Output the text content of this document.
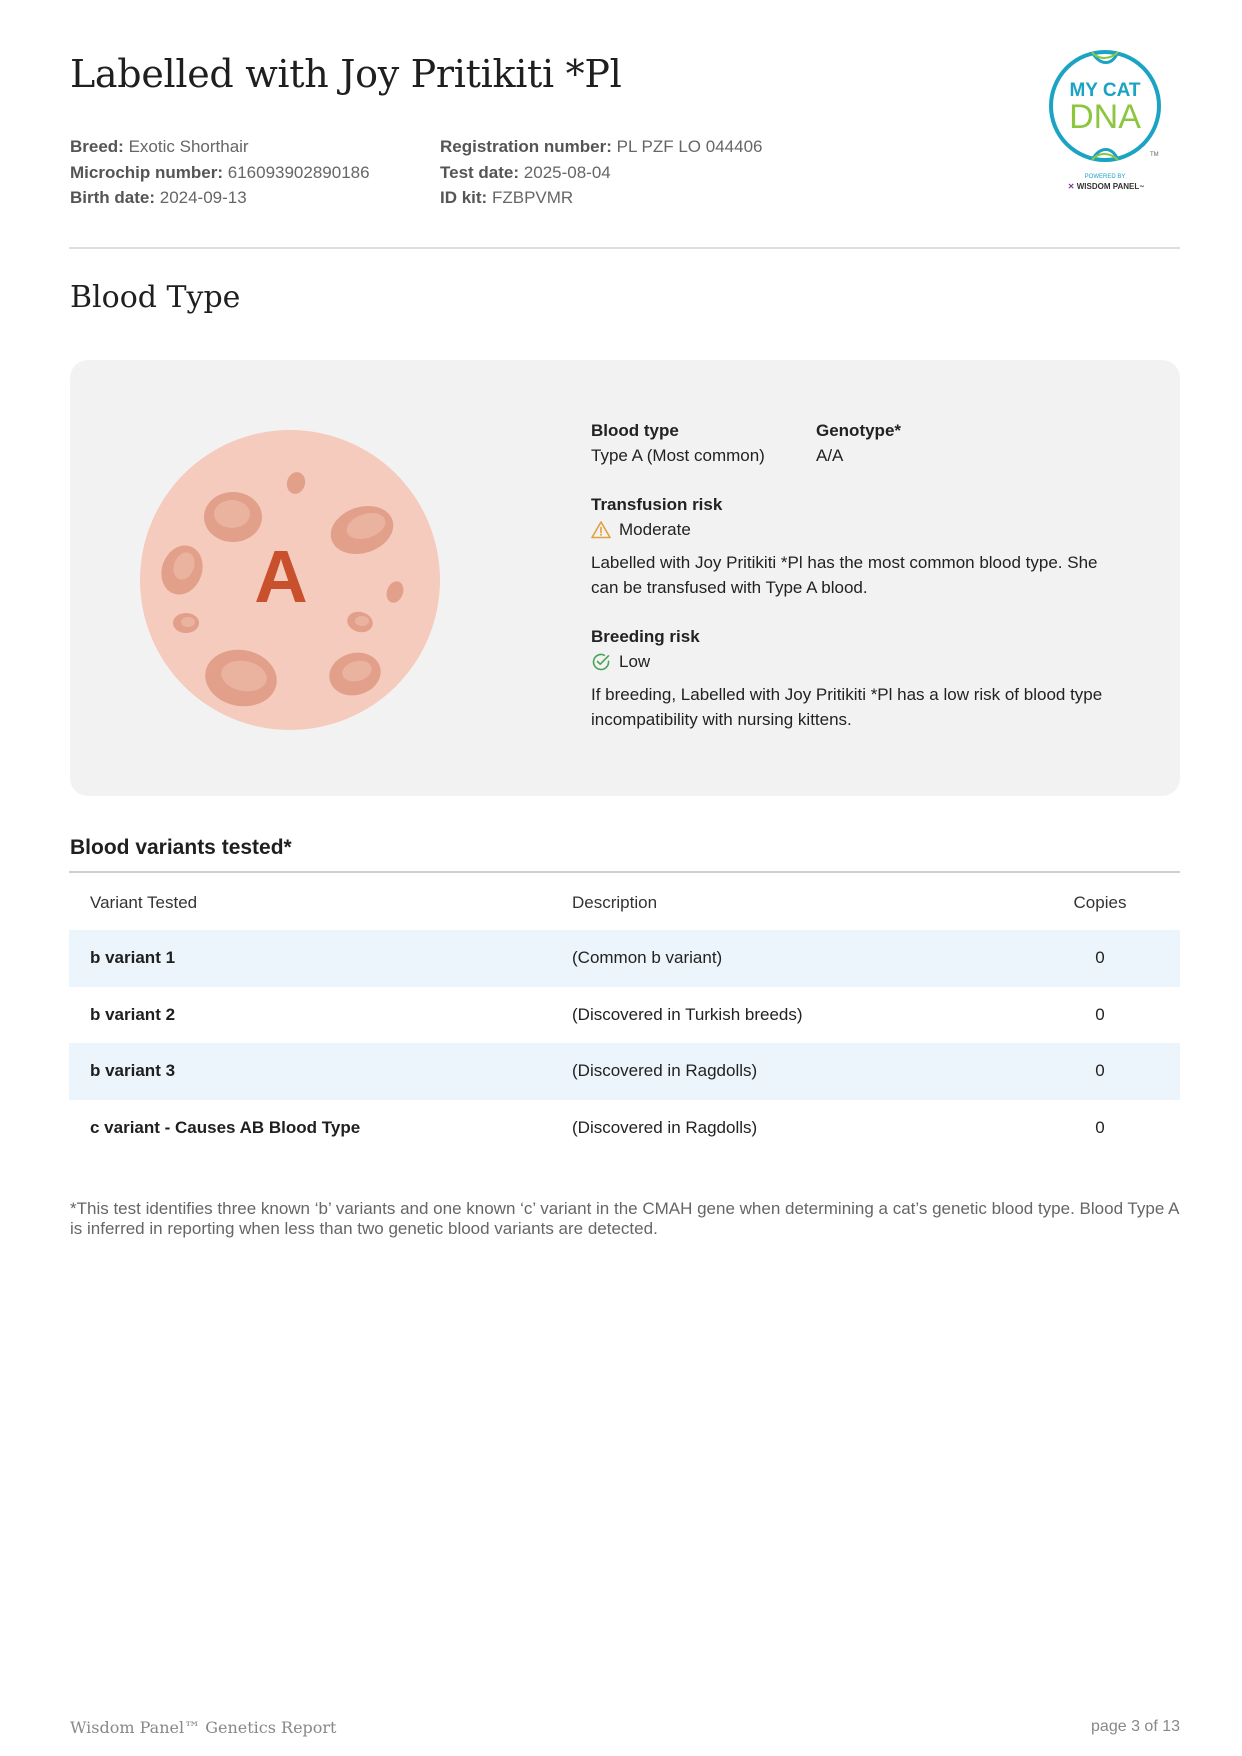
Labelled with Joy Pritikiti *Pl
Breed: Exotic Shorthair
Microchip number: 616093902890186
Birth date: 2024-09-13
Registration number: PL PZF LO 044406
Test date: 2025-08-04
ID kit: FZBPVMR
MY CAT
DNA
TM
POWERED BY
✕ WISDOM PANEL™
Blood Type
A
Blood type
Type A (Most common)
Genotype*
A/A
Transfusion risk
Moderate
Labelled with Joy Pritikiti *Pl has the most common blood type. She can be transfused with Type A blood.
Breeding risk
Low
If breeding, Labelled with Joy Pritikiti *Pl has a low risk of blood type incompatibility with nursing kittens.
Blood variants tested*
Variant Tested	Description	Copies
b variant 1	(Common b variant)	0
b variant 2	(Discovered in Turkish breeds)	0
b variant 3	(Discovered in Ragdolls)	0
c variant - Causes AB Blood Type	(Discovered in Ragdolls)	0
*This test identifies three known ‘b’ variants and one known ‘c’ variant in the CMAH gene when determining a cat’s genetic blood type. Blood Type A is inferred in reporting when less than two genetic blood variants are detected.
Wisdom Panel™ Genetics Report	page 3 of 13
